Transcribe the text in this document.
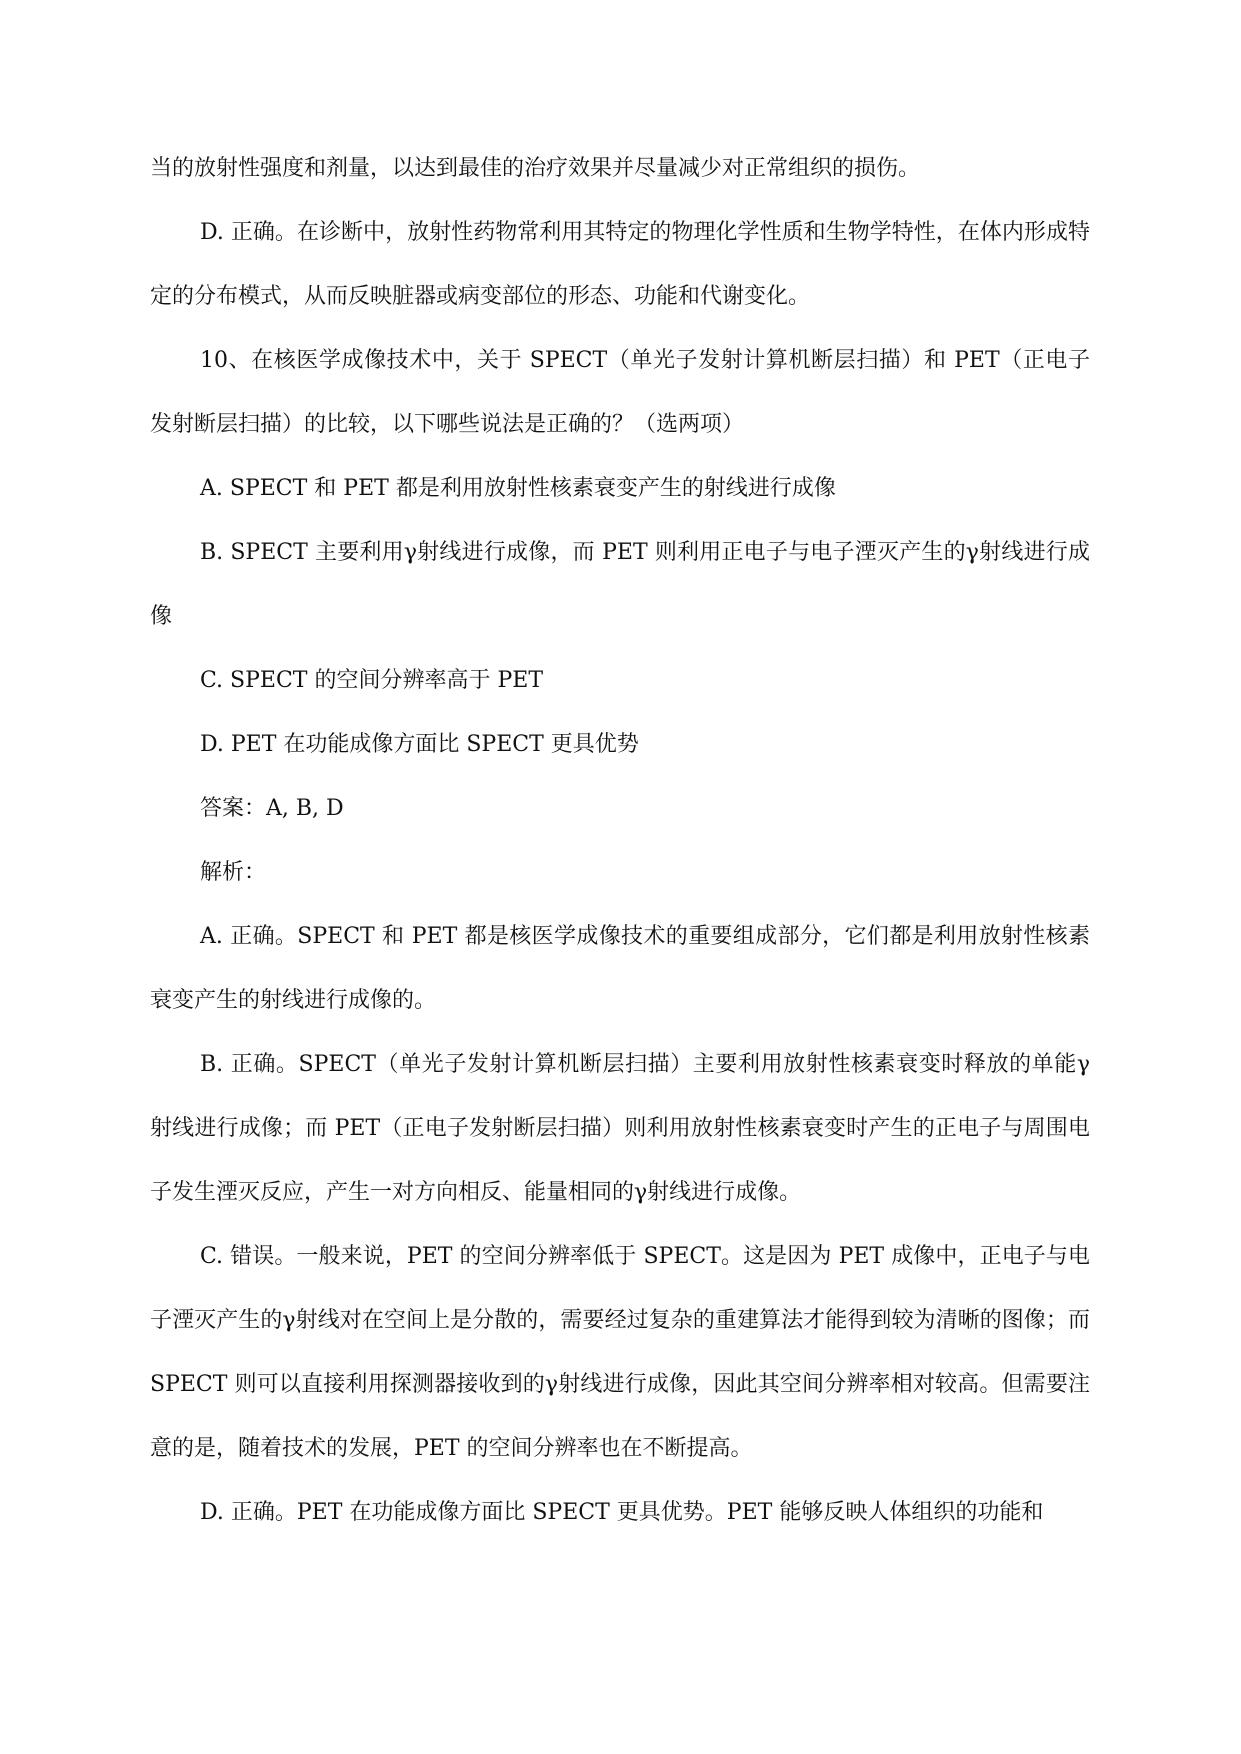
当的放射性强度和剂量，以达到最佳的治疗效果并尽量减少对正常组织的损伤。

D. 正确。在诊断中，放射性药物常利用其特定的物理化学性质和生物学特性，在体内形成特定的分布模式，从而反映脏器或病变部位的形态、功能和代谢变化。

10、在核医学成像技术中，关于 SPECT（单光子发射计算机断层扫描）和 PET（正电子发射断层扫描）的比较，以下哪些说法是正确的？（选两项）

A. SPECT 和 PET 都是利用放射性核素衰变产生的射线进行成像

B. SPECT 主要利用γ射线进行成像，而 PET 则利用正电子与电子湮灭产生的γ射线进行成像

C. SPECT 的空间分辨率高于 PET

D. PET 在功能成像方面比 SPECT 更具优势

答案：A, B, D

解析：

A. 正确。SPECT 和 PET 都是核医学成像技术的重要组成部分，它们都是利用放射性核素衰变产生的射线进行成像的。

B. 正确。SPECT（单光子发射计算机断层扫描）主要利用放射性核素衰变时释放的单能γ射线进行成像；而 PET（正电子发射断层扫描）则利用放射性核素衰变时产生的正电子与周围电子发生湮灭反应，产生一对方向相反、能量相同的γ射线进行成像。

C. 错误。一般来说，PET 的空间分辨率低于 SPECT。这是因为 PET 成像中，正电子与电子湮灭产生的γ射线对在空间上是分散的，需要经过复杂的重建算法才能得到较为清晰的图像；而 SPECT 则可以直接利用探测器接收到的γ射线进行成像，因此其空间分辨率相对较高。但需要注意的是，随着技术的发展，PET 的空间分辨率也在不断提高。

D. 正确。PET 在功能成像方面比 SPECT 更具优势。PET 能够反映人体组织的功能和
